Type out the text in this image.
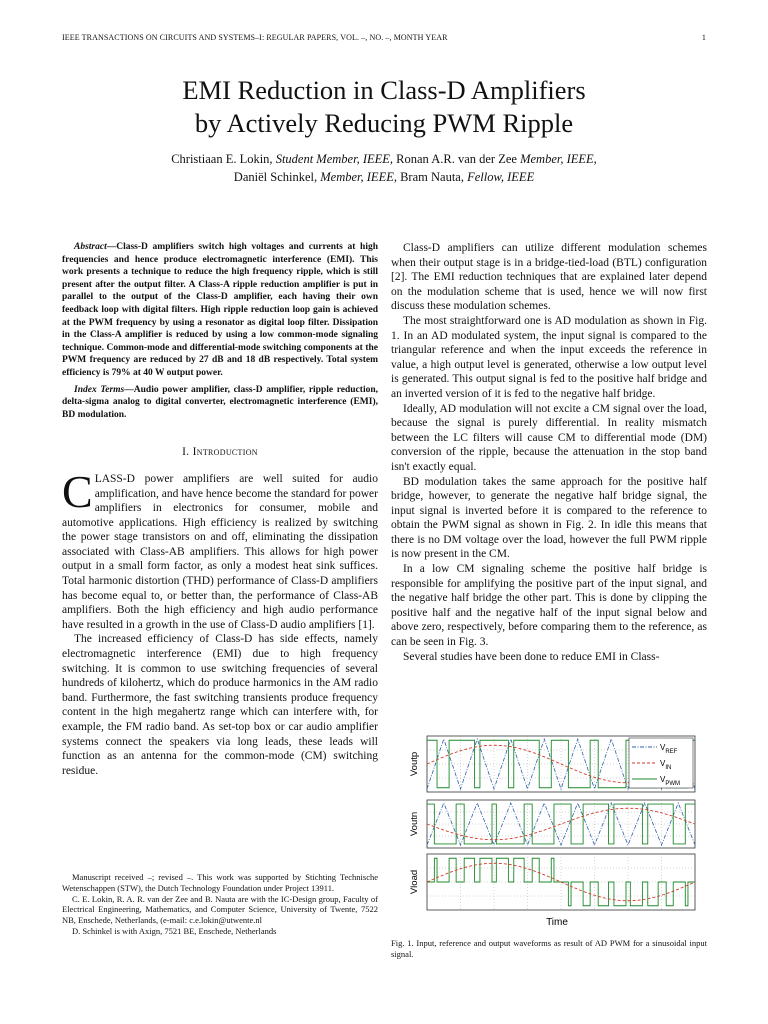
IEEE TRANSACTIONS ON CIRCUITS AND SYSTEMS–I: REGULAR PAPERS, VOL. –, NO. –, MONTH YEAR	1
EMI Reduction in Class-D Amplifiers
by Actively Reducing PWM Ripple
Christiaan E. Lokin, Student Member, IEEE, Ronan A.R. van der Zee Member, IEEE,
Daniël Schinkel, Member, IEEE, Bram Nauta, Fellow, IEEE

Abstract—Class-D amplifiers switch high voltages and currents at high frequencies and hence produce electromagnetic interference (EMI). This work presents a technique to reduce the high frequency ripple, which is still present after the output filter. A Class-A ripple reduction amplifier is put in parallel to the output of the Class-D amplifier, each having their own feedback loop with digital filters. High ripple reduction loop gain is achieved at the PWM frequency by using a resonator as digital loop filter. Dissipation in the Class-A amplifier is reduced by using a low common-mode signaling technique. Common-mode and differential-mode switching components at the PWM frequency are reduced by 27 dB and 18 dB respectively. Total system efficiency is 79% at 40 W output power.

Index Terms—Audio power amplifier, class-D amplifier, ripple reduction, delta-sigma analog to digital converter, electromagnetic interference (EMI), BD modulation.

I. Introduction

CLASS-D power amplifiers are well suited for audio amplification, and have hence become the standard for power amplifiers in electronics for consumer, mobile and automotive applications. High efficiency is realized by switching the power stage transistors on and off, eliminating the dissipation associated with Class-AB amplifiers. This allows for high power output in a small form factor, as only a modest heat sink suffices. Total harmonic distortion (THD) performance of Class-D amplifiers has become equal to, or better than, the performance of Class-AB amplifiers. Both the high efficiency and high audio performance have resulted in a growth in the use of Class-D audio amplifiers [1].

The increased efficiency of Class-D has side effects, namely electromagnetic interference (EMI) due to high frequency switching. It is common to use switching frequencies of several hundreds of kilohertz, which do produce harmonics in the AM radio band. Furthermore, the fast switching transients produce frequency content in the high megahertz range which can interfere with, for example, the FM radio band. As set-top box or car audio amplifier systems connect the speakers via long leads, these leads will function as an antenna for the common-mode (CM) switching residue.

Manuscript received –; revised –. This work was supported by Stichting Technische Wetenschappen (STW), the Dutch Technology Foundation under Project 13911.

C. E. Lokin, R. A. R. van der Zee and B. Nauta are with the IC-Design group, Faculty of Electrical Engineering, Mathematics, and Computer Science, University of Twente, 7522 NB, Enschede, Netherlands, (e-mail: c.e.lokin@utwente.nl

D. Schinkel is with Axign, 7521 BE, Enschede, Netherlands

Class-D amplifiers can utilize different modulation schemes when their output stage is in a bridge-tied-load (BTL) configuration [2]. The EMI reduction techniques that are explained later depend on the modulation scheme that is used, hence we will now first discuss these modulation schemes.

The most straightforward one is AD modulation as shown in Fig. 1. In an AD modulated system, the input signal is compared to the triangular reference and when the input exceeds the reference in value, a high output level is generated, otherwise a low output level is generated. This output signal is fed to the positive half bridge and an inverted version of it is fed to the negative half bridge.

Ideally, AD modulation will not excite a CM signal over the load, because the signal is purely differential. In reality mismatch between the LC filters will cause CM to differential mode (DM) conversion of the ripple, because the attenuation in the stop band isn't exactly equal.

BD modulation takes the same approach for the positive half bridge, however, to generate the negative half bridge signal, the input signal is inverted before it is compared to the reference to obtain the PWM signal as shown in Fig. 2. In idle this means that there is no DM voltage over the load, however the full PWM ripple is now present in the CM.

In a low CM signaling scheme the positive half bridge is responsible for amplifying the positive part of the input signal, and the negative half bridge the other part. This is done by clipping the positive half and the negative half of the input signal below and above zero, respectively, before comparing them to the reference, as can be seen in Fig. 3.

Several studies have been done to reduce EMI in Class-

Voutp
Voutn
Vload
$V_{REF}$
$V_{IN}$
$V_{PWM}$
Time
Fig. 1. Input, reference and output waveforms as result of AD PWM for a sinusoidal input signal.
